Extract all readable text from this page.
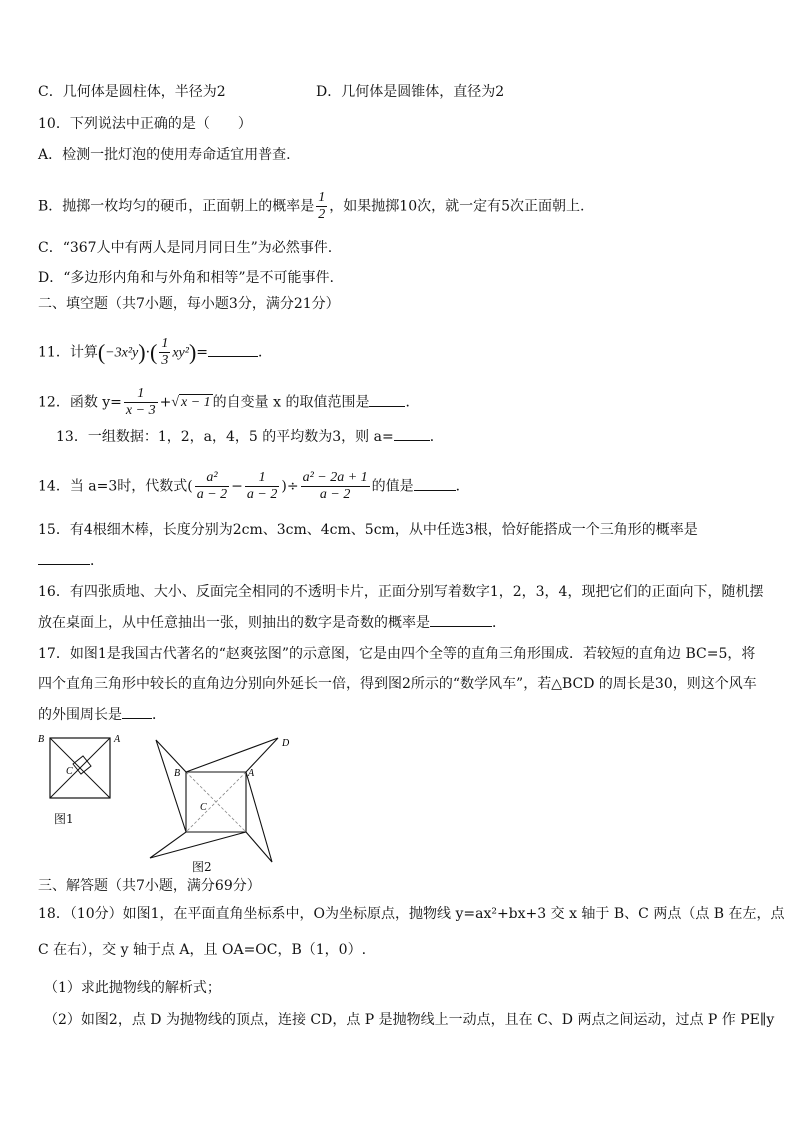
C．几何体是圆柱体，半径为2	D．几何体是圆锥体，直径为2
10．下列说法中正确的是（　　）
A．检测一批灯泡的使用寿命适宜用普查.
B．抛掷一枚均匀的硬币，正面朝上的概率是 $\frac{1}{2}$ ，如果抛掷10次，就一定有5次正面朝上.
C．“367人中有两人是同月同日生”为必然事件.
D．“多边形内角和与外角和相等”是不可能事件.
二、填空题（共7小题，每小题3分，满分21分）
11．计算$(-3x^2y)\cdot( \frac{1}{3} xy^2)=$	．
12．函数 $y= \frac{1}{x - 3}$ +√ x − 1 的自变量 x 的取值范围是	．
13．一组数据：1，2，a，4，5 的平均数为3，则 a=	．
14．当 a=3时，代数式( $\frac{\text{a²}}{a - 2} - \frac{1}{a - 2}$ )÷ $\frac{\text{a² − 2a + 1}}{a - 2}$ 的值是	．
15．有4根细木棒，长度分别为2cm、3cm、4cm、5cm，从中任选3根，恰好能搭成一个三角形的概率是
．
16．有四张质地、大小、反面完全相同的不透明卡片，正面分别写着数字1，2，3，4，现把它们的正面向下，随机摆
放在桌面上，从中任意抽出一张，则抽出的数字是奇数的概率是	．
17．如图1是我国古代著名的“赵爽弦图”的示意图，它是由四个全等的直角三角形围成．若较短的直角边 BC=5，将
四个直角三角形中较长的直角边分别向外延长一倍，得到图2所示的“数学风车”，若△BCD 的周长是30，则这个风车
的外围周长是 ．
B	A
C
图1
B	A
D
C
图2
三、解答题（共7小题，满分69分）
18．（10分）如图1，在平面直角坐标系中，O为坐标原点，抛物线 y=ax²+bx+3 交 x 轴于 B、C 两点（点 B 在左，点
C 在右），交 y 轴于点 A，且 OA=OC，B（1，0）.
（1）求此抛物线的解析式；
（2）如图2，点 D 为抛物线的顶点，连接 CD，点 P 是抛物线上一动点，且在 C、D 两点之间运动，过点 P 作 PE∥y
